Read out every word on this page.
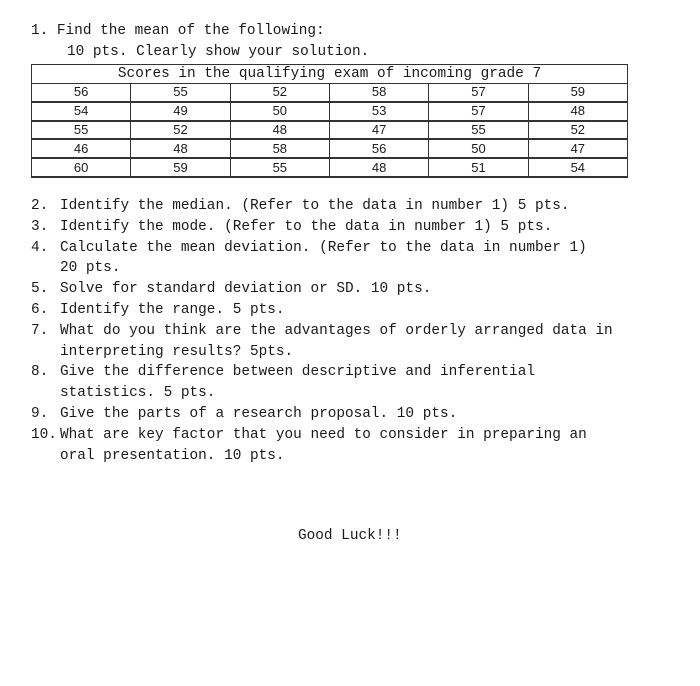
1. Find the mean of the following:
10 pts. Clearly show your solution.
Scores in the qualifying exam of incoming grade 7					
56	55	52	58	57	59
54	49	50	53	57	48
55	52	48	47	55	52
46	48	58	56	50	47
60	59	55	48	51	54
2. Identify the median. (Refer to the data in number 1) 5 pts.
3. Identify the mode. (Refer to the data in number 1) 5 pts.
4. Calculate the mean deviation. (Refer to the data in number 1)
20 pts.
5. Solve for standard deviation or SD. 10 pts.
6. Identify the range. 5 pts.
7. What do you think are the advantages of orderly arranged data in
interpreting results? 5pts.
8. Give the difference between descriptive and inferential
statistics. 5 pts.
9. Give the parts of a research proposal. 10 pts.
10. What are key factor that you need to consider in preparing an
oral presentation. 10 pts.
Good Luck!!!
